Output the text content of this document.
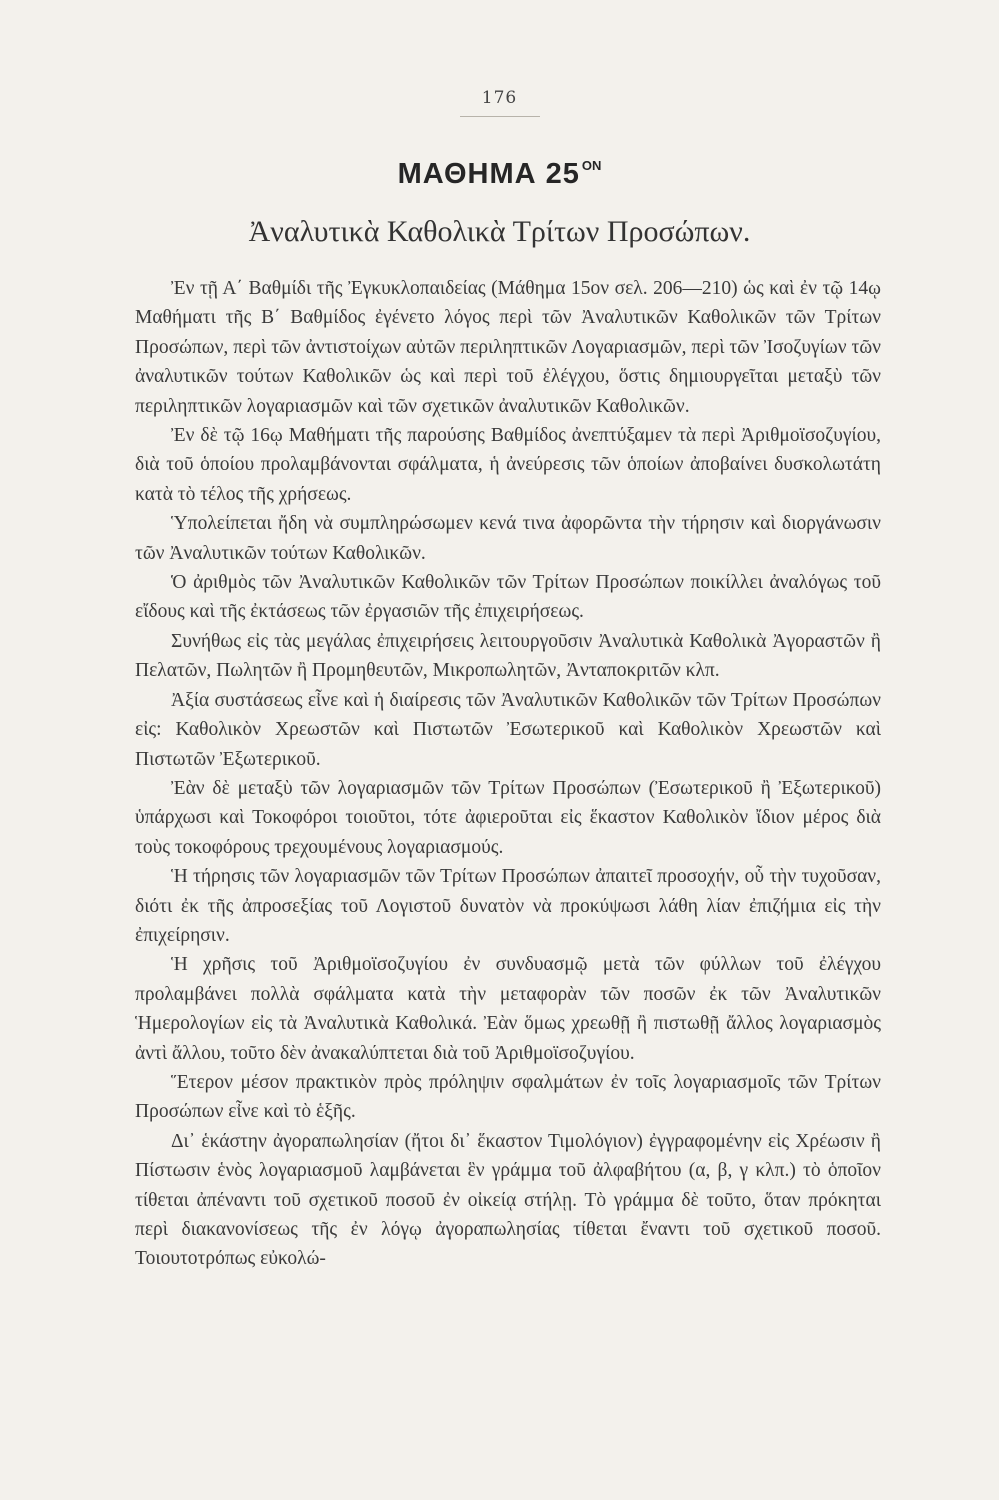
176
ΜΑΘΗΜΑ 25 $^{ON}$
Ἀναλυτικὰ Καθολικὰ Τρίτων Προσώπων.

Ἐν τῇ Α΄ Βαθμίδι τῆς Ἐγκυκλοπαιδείας (Μάθημα 15ον σελ. 206—210) ὡς καὶ ἐν τῷ 14ῳ Μαθήματι τῆς Β΄ Βαθμίδος ἐγένετο λόγος περὶ τῶν Ἀναλυτικῶν Καθολικῶν τῶν Τρίτων Προσώπων, περὶ τῶν ἀντιστοίχων αὐτῶν περιληπτικῶν Λογαριασμῶν, περὶ τῶν Ἰσοζυγίων τῶν ἀναλυτικῶν τούτων Καθολικῶν ὡς καὶ περὶ τοῦ ἐλέγχου, ὅστις δημιουργεῖται μεταξὺ τῶν περιληπτικῶν λογαριασμῶν καὶ τῶν σχετικῶν ἀναλυτικῶν Καθολικῶν.

Ἐν δὲ τῷ 16ῳ Μαθήματι τῆς παρούσης Βαθμίδος ἀνεπτύξαμεν τὰ περὶ Ἀριθμοϊσοζυγίου, διὰ τοῦ ὁποίου προλαμβάνονται σφάλματα, ἡ ἀνεύρεσις τῶν ὁποίων ἀποβαίνει δυσκολωτάτη κατὰ τὸ τέλος τῆς χρήσεως.

Ὑπολείπεται ἤδη νὰ συμπληρώσωμεν κενά τινα ἀφορῶντα τὴν τήρησιν καὶ διοργάνωσιν τῶν Ἀναλυτικῶν τούτων Καθολικῶν.

Ὁ ἀριθμὸς τῶν Ἀναλυτικῶν Καθολικῶν τῶν Τρίτων Προσώπων ποικίλλει ἀναλόγως τοῦ εἴδους καὶ τῆς ἐκτάσεως τῶν ἐργασιῶν τῆς ἐπιχειρήσεως.

Συνήθως εἰς τὰς μεγάλας ἐπιχειρήσεις λειτουργοῦσιν Ἀναλυτικὰ Καθολικὰ Ἀγοραστῶν ἢ Πελατῶν, Πωλητῶν ἢ Προμηθευτῶν, Μικροπωλητῶν, Ἀνταποκριτῶν κλπ.

Ἀξία συστάσεως εἶνε καὶ ἡ διαίρεσις τῶν Ἀναλυτικῶν Καθολικῶν τῶν Τρίτων Προσώπων εἰς: Καθολικὸν Χρεωστῶν καὶ Πιστωτῶν Ἐσωτερικοῦ καὶ Καθολικὸν Χρεωστῶν καὶ Πιστωτῶν Ἐξωτερικοῦ.

Ἐὰν δὲ μεταξὺ τῶν λογαριασμῶν τῶν Τρίτων Προσώπων (Ἐσωτερικοῦ ἢ Ἐξωτερικοῦ) ὑπάρχωσι καὶ Τοκοφόροι τοιοῦτοι, τότε ἀφιεροῦται εἰς ἕκαστον Καθολικὸν ἴδιον μέρος διὰ τοὺς τοκοφόρους τρεχουμένους λογαριασμούς.

Ἡ τήρησις τῶν λογαριασμῶν τῶν Τρίτων Προσώπων ἀπαιτεῖ προσοχήν, οὗ τὴν τυχοῦσαν, διότι ἐκ τῆς ἀπροσεξίας τοῦ Λογιστοῦ δυνατὸν νὰ προκύψωσι λάθη λίαν ἐπιζήμια εἰς τὴν ἐπιχείρησιν.

Ἡ χρῆσις τοῦ Ἀριθμοϊσοζυγίου ἐν συνδυασμῷ μετὰ τῶν φύλλων τοῦ ἐλέγχου προλαμβάνει πολλὰ σφάλματα κατὰ τὴν μεταφορὰν τῶν ποσῶν ἐκ τῶν Ἀναλυτικῶν Ἡμερολογίων εἰς τὰ Ἀναλυτικὰ Καθολικά. Ἐὰν ὅμως χρεωθῇ ἢ πιστωθῇ ἄλλος λογαριασμὸς ἀντὶ ἄλλου, τοῦτο δὲν ἀνακαλύπτεται διὰ τοῦ Ἀριθμοϊσοζυγίου.

Ἕτερον μέσον πρακτικὸν πρὸς πρόληψιν σφαλμάτων ἐν τοῖς λογαριασμοῖς τῶν Τρίτων Προσώπων εἶνε καὶ τὸ ἑξῆς.

Δι᾽ ἑκάστην ἀγοραπωλησίαν (ἤτοι δι᾽ ἕκαστον Τιμολόγιον) ἐγγραφομένην εἰς Χρέωσιν ἢ Πίστωσιν ἑνὸς λογαριασμοῦ λαμβάνεται ἓν γράμμα τοῦ ἀλφαβήτου (α, β, γ κλπ.) τὸ ὁποῖον τίθεται ἀπέναντι τοῦ σχετικοῦ ποσοῦ ἐν οἰκείᾳ στήλῃ. Τὸ γράμμα δὲ τοῦτο, ὅταν πρόκηται περὶ διακανονίσεως τῆς ἐν λόγῳ ἀγοραπωλησίας τίθεται ἔναντι τοῦ σχετικοῦ ποσοῦ. Τοιουτοτρόπως εὐκολώ-
